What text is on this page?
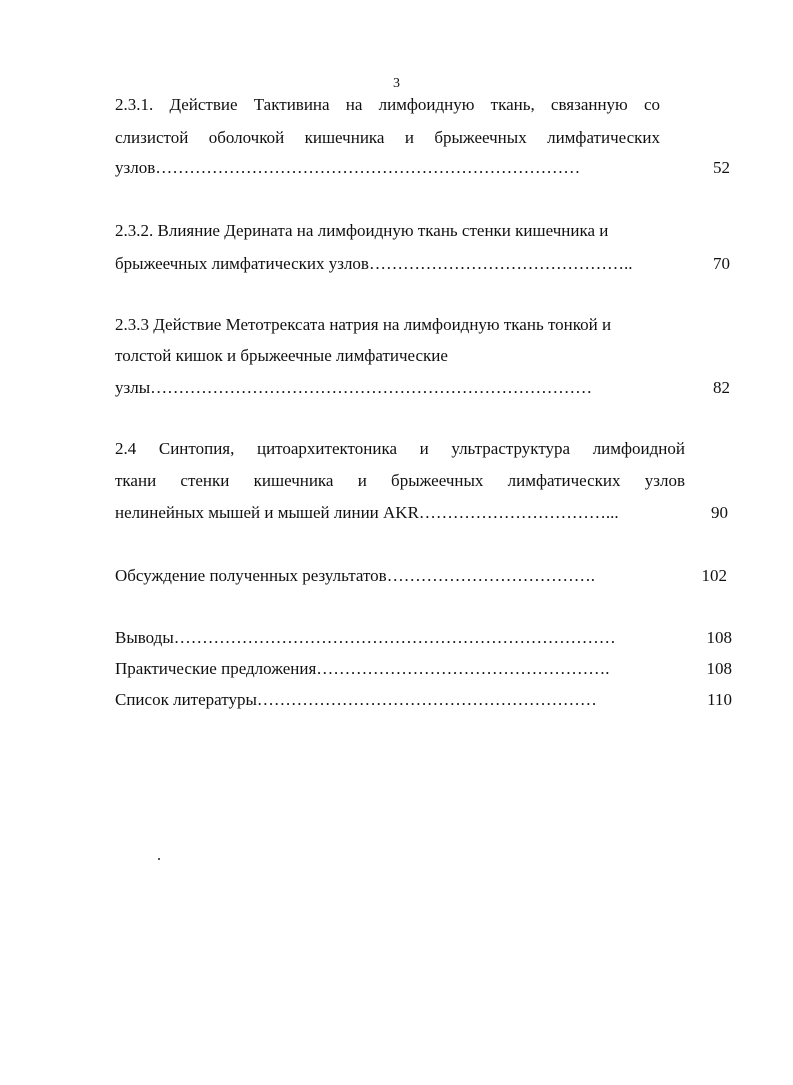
3
2.3.1. Действие Тактивина на лимфоидную ткань, связанную со
слизистой оболочкой кишечника и брыжеечных лимфатических
узлов…………………………………………………………………	52
2.3.2. Влияние Дерината на лимфоидную ткань стенки кишечника и
брыжеечных лимфатических узлов………………………………………..	70
2.3.3 Действие Метотрексата натрия на лимфоидную ткань тонкой и
толстой кишок и брыжеечные лимфатические
узлы……………………………………………………………………	82
2.4 Синтопия, цитоархитектоника и ультраструктура лимфоидной
ткани стенки кишечника и брыжеечных лимфатических узлов
нелинейных мышей и мышей линии AKR……………………………...	90
Обсуждение полученных результатов……………………………….	102
Выводы……………………………………………………………………	108
Практические предложения…………………………………………….	108
Список литературы……………………………………………………	110
